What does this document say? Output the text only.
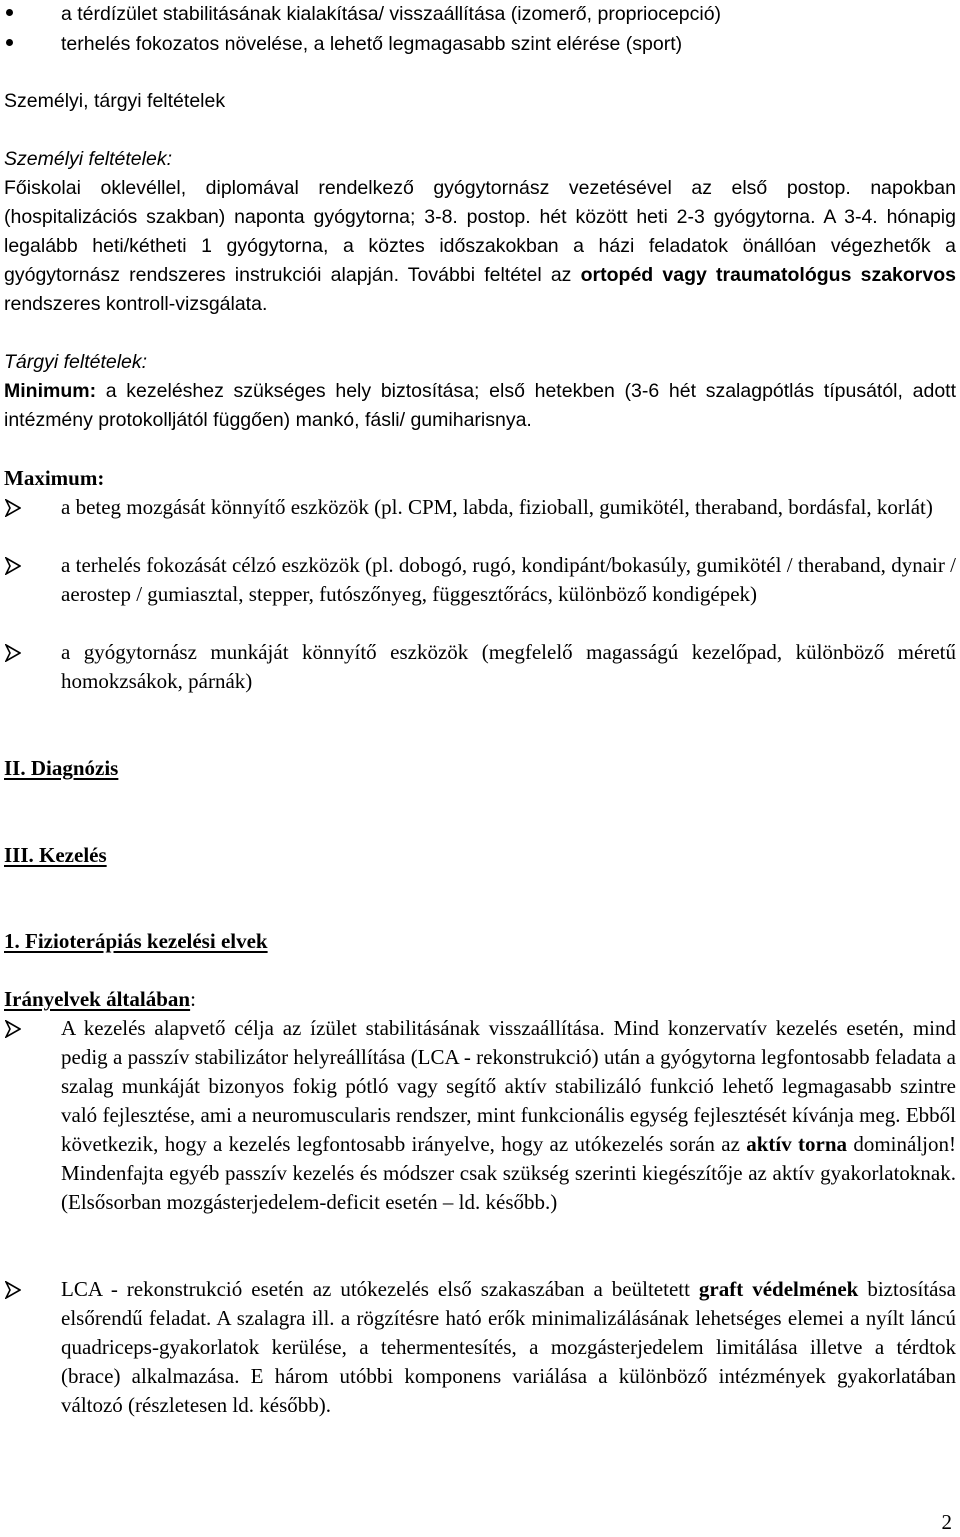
a térdízület stabilitásának kialakítása/ visszaállítása (izomerő, propriocepció)
terhelés fokozatos növelése, a lehető legmagasabb szint elérése (sport)
Személyi, tárgyi feltételek
Személyi feltételek:
Főiskolai oklevéllel, diplomával rendelkező gyógytornász vezetésével az első postop. napokban (hospitalizációs szakban) naponta gyógytorna; 3-8. postop. hét között heti 2-3 gyógytorna. A 3-4. hónapig legalább heti/kétheti 1 gyógytorna, a köztes időszakokban a házi feladatok önállóan végezhetők a gyógytornász rendszeres instrukciói alapján. További feltétel az ortopéd vagy traumatológus szakorvos rendszeres kontroll-vizsgálata.
Tárgyi feltételek:
Minimum: a kezeléshez szükséges hely biztosítása; első hetekben (3-6 hét szalagpótlás típusától, adott intézmény protokolljától függően) mankó, fásli/ gumiharisnya.
Maximum:
a beteg mozgását könnyítő eszközök (pl. CPM, labda, fizioball, gumikötél, theraband, bordásfal, korlát)
a terhelés fokozását célzó eszközök (pl. dobogó, rugó, kondipánt/bokasúly, gumikötél / theraband, dynair / aerostep / gumiasztal, stepper, futószőnyeg, függesztőrács, különböző kondigépek)
a gyógytornász munkáját könnyítő eszközök (megfelelő magasságú kezelőpad, különböző méretű homokzsákok, párnák)
II. Diagnózis
III. Kezelés
1. Fizioterápiás kezelési elvek
Irányelvek általában:
A kezelés alapvető célja az ízület stabilitásának visszaállítása. Mind konzervatív kezelés esetén, mind pedig a passzív stabilizátor helyreállítása (LCA - rekonstrukció) után a gyógytorna legfontosabb feladata a szalag munkáját bizonyos fokig pótló vagy segítő aktív stabilizáló funkció lehető legmagasabb szintre való fejlesztése, ami a neuromuscularis rendszer, mint funkcionális egység fejlesztését kívánja meg. Ebből következik, hogy a kezelés legfontosabb irányelve, hogy az utókezelés során az aktív torna domináljon! Mindenfajta egyéb passzív kezelés és módszer csak szükség szerinti kiegészítője az aktív gyakorlatoknak. (Elsősorban mozgásterjedelem-deficit esetén – ld. később.)
LCA - rekonstrukció esetén az utókezelés első szakaszában a beültetett graft védelmének biztosítása elsőrendű feladat. A szalagra ill. a rögzítésre ható erők minimalizálásának lehetséges elemei a nyílt láncú quadriceps-gyakorlatok kerülése, a tehermentesítés, a mozgásterjedelem limitálása illetve a térdtok (brace) alkalmazása. E három utóbbi komponens variálása a különböző intézmények gyakorlatában változó (részletesen ld. később).
2
